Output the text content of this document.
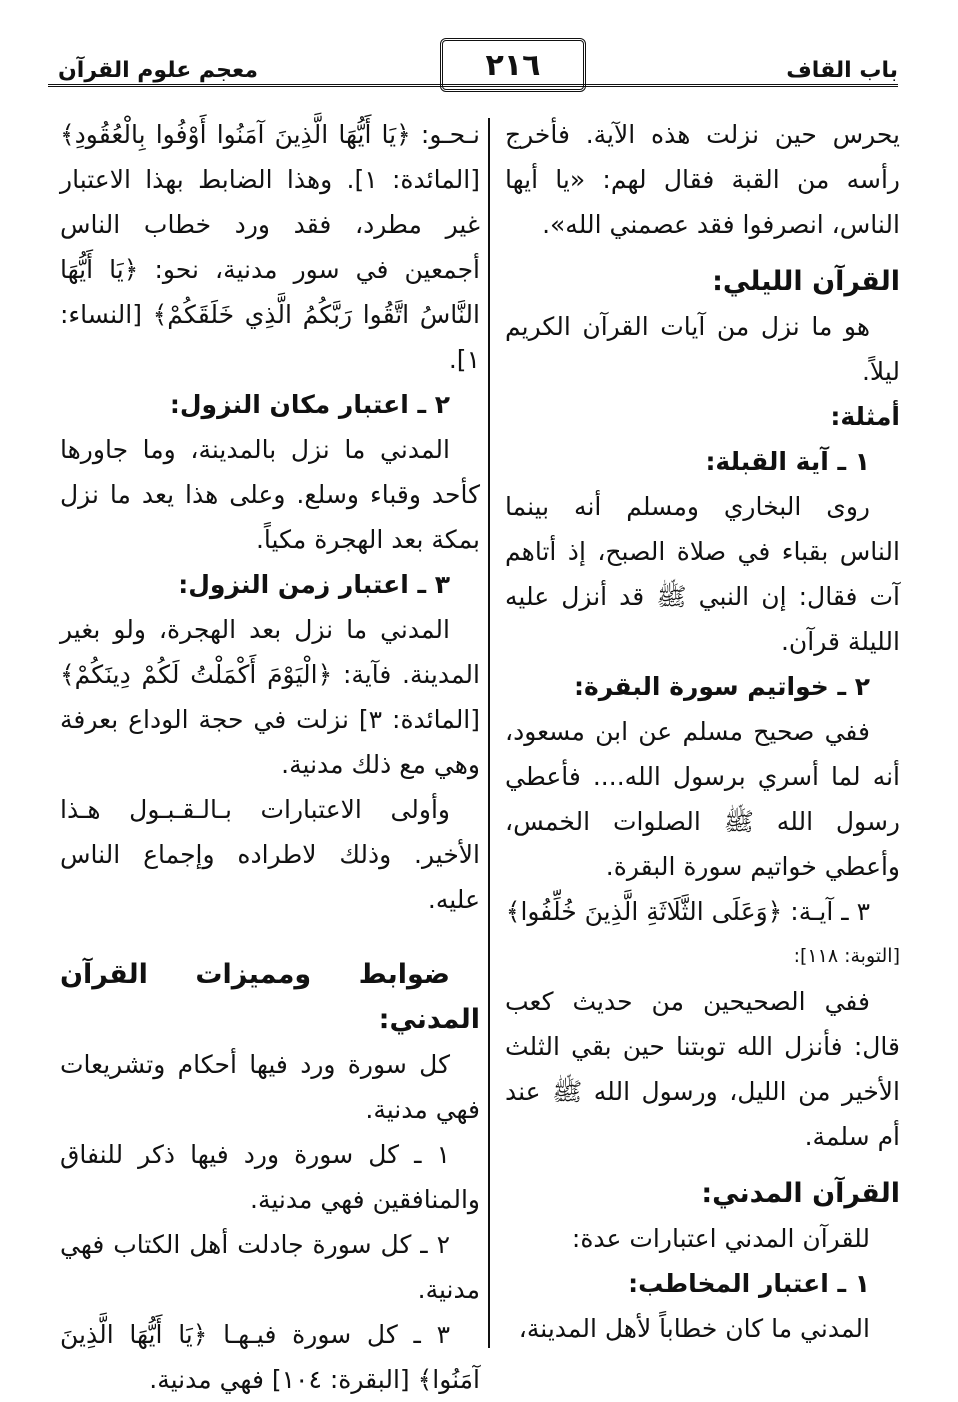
باب القاف
٢١٦
معجم علوم القرآن

يحرس حين نزلت هذه الآية. فأخرج رأسه من القبة فقال لهم: «يا أيها الناس، انصرفوا فقد عصمني الله».

القرآن الليلي:

هو ما نزل من آيات القرآن الكريم ليلاً.

أمثلة:

١ ـ آية القبلة:

روى البخاري ومسلم أنه بينما الناس بقباء في صلاة الصبح، إذ أتاهم آت فقال: إن النبي ﷺ قد أنزل عليه الليلة قرآن.

٢ ـ خواتيم سورة البقرة:

ففي صحيح مسلم عن ابن مسعود، أنه لما أسري برسول الله.... فأعطي رسول الله ﷺ الصلوات الخمس، وأعطي خواتيم سورة البقرة.

٣ ـ آيـة: ﴿وَعَلَى الثَّلَاثَةِ الَّذِينَ خُلِّفُوا﴾

[التوبة: ١١٨]:

ففي الصحيحين من حديث كعب قال: فأنزل الله توبتنا حين بقي الثلث الأخير من الليل، ورسول الله ﷺ عند أم سلمة.

القرآن المدني:

للقرآن المدني اعتبارات عدة:

١ ـ اعتبار المخاطب:

المدني ما كان خطاباً لأهل المدينة،

نـحـو: ﴿يَا أَيُّهَا الَّذِينَ آمَنُوا أَوْفُوا بِالْعُقُودِ﴾ [المائدة: ١]. وهذا الضابط بهذا الاعتبار غير مطرد، فقد ورد خطاب الناس أجمعين في سور مدنية، نحو: ﴿يَا أَيُّهَا النَّاسُ اتَّقُوا رَبَّكُمُ الَّذِي خَلَقَكُمْ﴾ [النساء: ١].

٢ ـ اعتبار مكان النزول:

المدني ما نزل بالمدينة، وما جاورها كأحد وقباء وسلع. وعلى هذا يعد ما نزل بمكة بعد الهجرة مكياً.

٣ ـ اعتبار زمن النزول:

المدني ما نزل بعد الهجرة، ولو بغير المدينة. فآية: ﴿الْيَوْمَ أَكْمَلْتُ لَكُمْ دِينَكُمْ﴾ [المائدة: ٣] نزلت في حجة الوداع بعرفة وهي مع ذلك مدنية.

وأولى الاعتبارات بـالـقـبـول هـذا الأخير. وذلك لاطراده وإجماع الناس عليه.

ضوابط ومميزات القرآن المدني:

كل سورة ورد فيها أحكام وتشريعات فهي مدنية.

١ ـ كل سورة ورد فيها ذكر للنفاق والمنافقين فهي مدنية.

٢ ـ كل سورة جادلت أهل الكتاب فهي مدنية.

٣ ـ كل سورة فيـهـا ﴿يَا أَيُّهَا الَّذِينَ آمَنُوا﴾ [البقرة: ١٠٤] فهي مدنية.
